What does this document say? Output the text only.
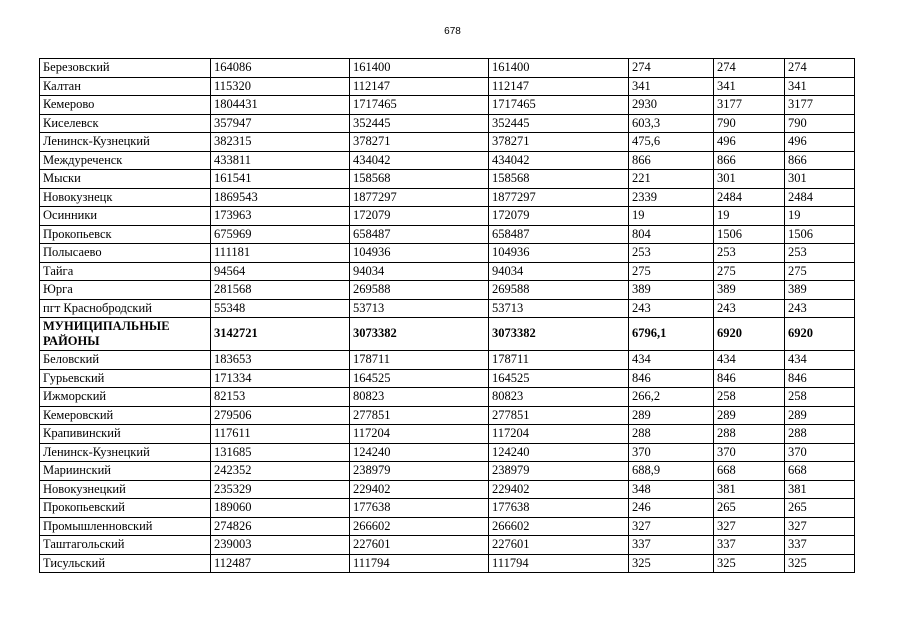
678
Березовский	164086	161400	161400	274	274	274
Калтан	115320	112147	112147	341	341	341
Кемерово	1804431	1717465	1717465	2930	3177	3177
Киселевск	357947	352445	352445	603,3	790	790
Ленинск-Кузнецкий	382315	378271	378271	475,6	496	496
Междуреченск	433811	434042	434042	866	866	866
Мыски	161541	158568	158568	221	301	301
Новокузнецк	1869543	1877297	1877297	2339	2484	2484
Осинники	173963	172079	172079	19	19	19
Прокопьевск	675969	658487	658487	804	1506	1506
Полысаево	111181	104936	104936	253	253	253
Тайга	94564	94034	94034	275	275	275
Юрга	281568	269588	269588	389	389	389
пгт Краснобродский	55348	53713	53713	243	243	243
МУНИЦИПАЛЬНЫЕ РАЙОНЫ	3142721	3073382	3073382	6796,1	6920	6920
Беловский	183653	178711	178711	434	434	434
Гурьевский	171334	164525	164525	846	846	846
Ижморский	82153	80823	80823	266,2	258	258
Кемеровский	279506	277851	277851	289	289	289
Крапивинский	117611	117204	117204	288	288	288
Ленинск-Кузнецкий	131685	124240	124240	370	370	370
Мариинский	242352	238979	238979	688,9	668	668
Новокузнецкий	235329	229402	229402	348	381	381
Прокопьевский	189060	177638	177638	246	265	265
Промышленновский	274826	266602	266602	327	327	327
Таштагольский	239003	227601	227601	337	337	337
Тисульский	112487	111794	111794	325	325	325
